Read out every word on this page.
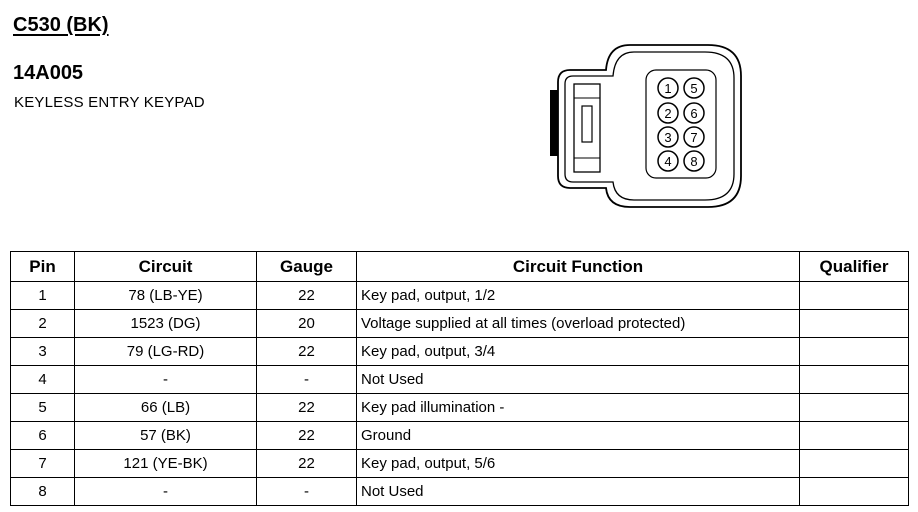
C530 (BK)
14A005
KEYLESS ENTRY KEYPAD
1
2
3
4
5
6
7
8
Pin	Circuit	Gauge	Circuit Function	Qualifier
1	78 (LB-YE)	22	Key pad, output, 1/2	
2	1523 (DG)	20	Voltage supplied at all times (overload protected)	
3	79 (LG-RD)	22	Key pad, output, 3/4	
4	-	-	Not Used	
5	66 (LB)	22	Key pad illumination -	
6	57 (BK)	22	Ground	
7	121 (YE-BK)	22	Key pad, output, 5/6	
8	-	-	Not Used	
